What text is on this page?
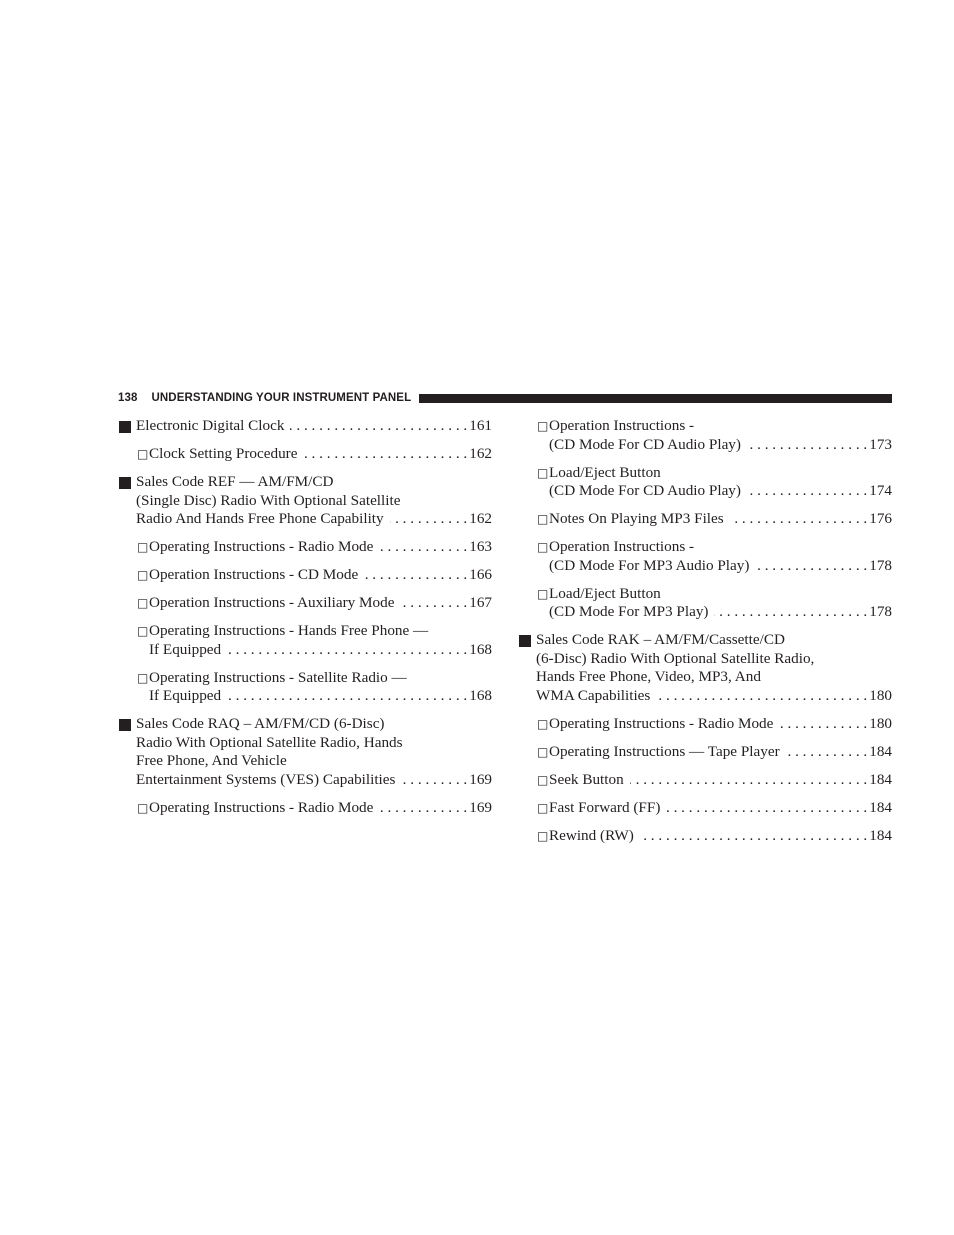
138 UNDERSTANDING YOUR INSTRUMENT PANEL
Electronic Digital Clock . . .	161
□ Clock Setting Procedure . . .	162
Sales Code REF — AM/FM/CD
(Single Disc) Radio With Optional Satellite
Radio And Hands Free Phone Capability . . .	162
□ Operating Instructions - Radio Mode . . .	163
□ Operation Instructions - CD Mode . . .	166
□ Operation Instructions - Auxiliary Mode . . .	167
□ Operating Instructions - Hands Free Phone —
If Equipped . . .	168
□ Operating Instructions - Satellite Radio —
If Equipped . . .	168
Sales Code RAQ – AM/FM/CD (6-Disc)
Radio With Optional Satellite Radio, Hands
Free Phone, And Vehicle
Entertainment Systems (VES) Capabilities . . .	169
□ Operating Instructions - Radio Mode . . .	169
□ Operation Instructions -
(CD Mode For CD Audio Play) . . .	173
□ Load/Eject Button
(CD Mode For CD Audio Play) . . .	174
□ Notes On Playing MP3 Files . . .	176
□ Operation Instructions -
(CD Mode For MP3 Audio Play) . . .	178
□ Load/Eject Button
(CD Mode For MP3 Play) . . .	178
Sales Code RAK – AM/FM/Cassette/CD
(6-Disc) Radio With Optional Satellite Radio,
Hands Free Phone, Video, MP3, And
WMA Capabilities . . .	180
□ Operating Instructions - Radio Mode . . .	180
□ Operating Instructions — Tape Player . . .	184
□ Seek Button . . .	184
□ Fast Forward (FF) . . .	184
□ Rewind (RW) . . .	184
